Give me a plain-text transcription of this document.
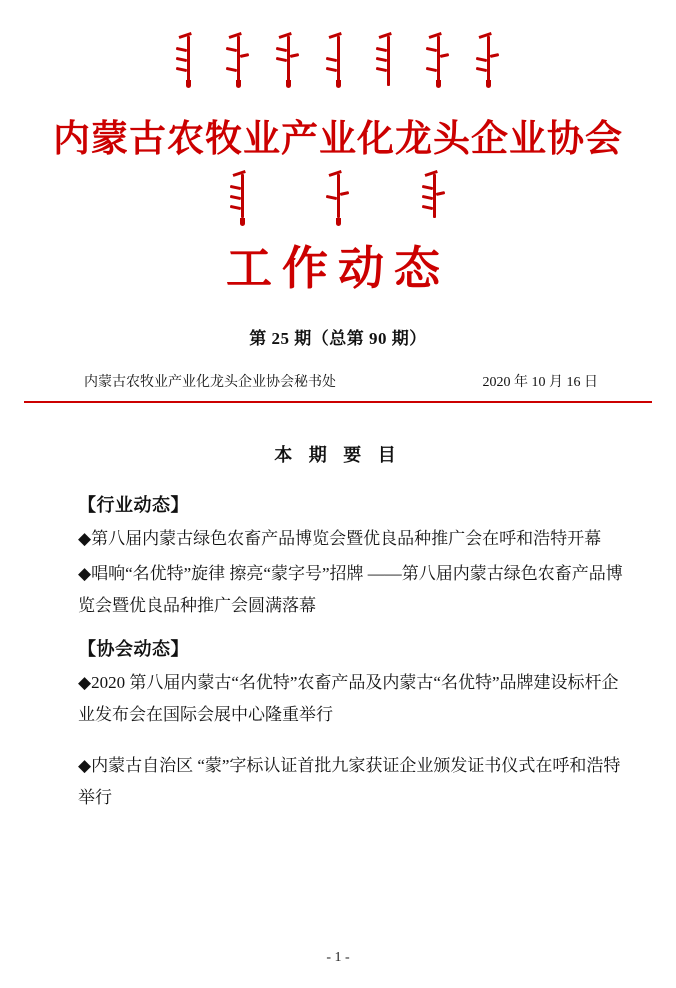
内蒙古农牧业产业化龙头企业协会
工作动态
第 25 期（总第 90 期）
内蒙古农牧业产业化龙头企业协会秘书处	2020 年 10 月 16 日
本 期 要 目
【行业动态】

◆第八届内蒙古绿色农畜产品博览会暨优良品种推广会在呼和浩特开幕

◆唱响“名优特”旋律 擦亮“蒙字号”招牌 ——第八届内蒙古绿色农畜产品博览会暨优良品种推广会圆满落幕

【协会动态】

◆2020 第八届内蒙古“名优特”农畜产品及内蒙古“名优特”品牌建设标杆企业发布会在国际会展中心隆重举行

◆内蒙古自治区 “蒙”字标认证首批九家获证企业颁发证书仪式在呼和浩特举行

- 1 -
